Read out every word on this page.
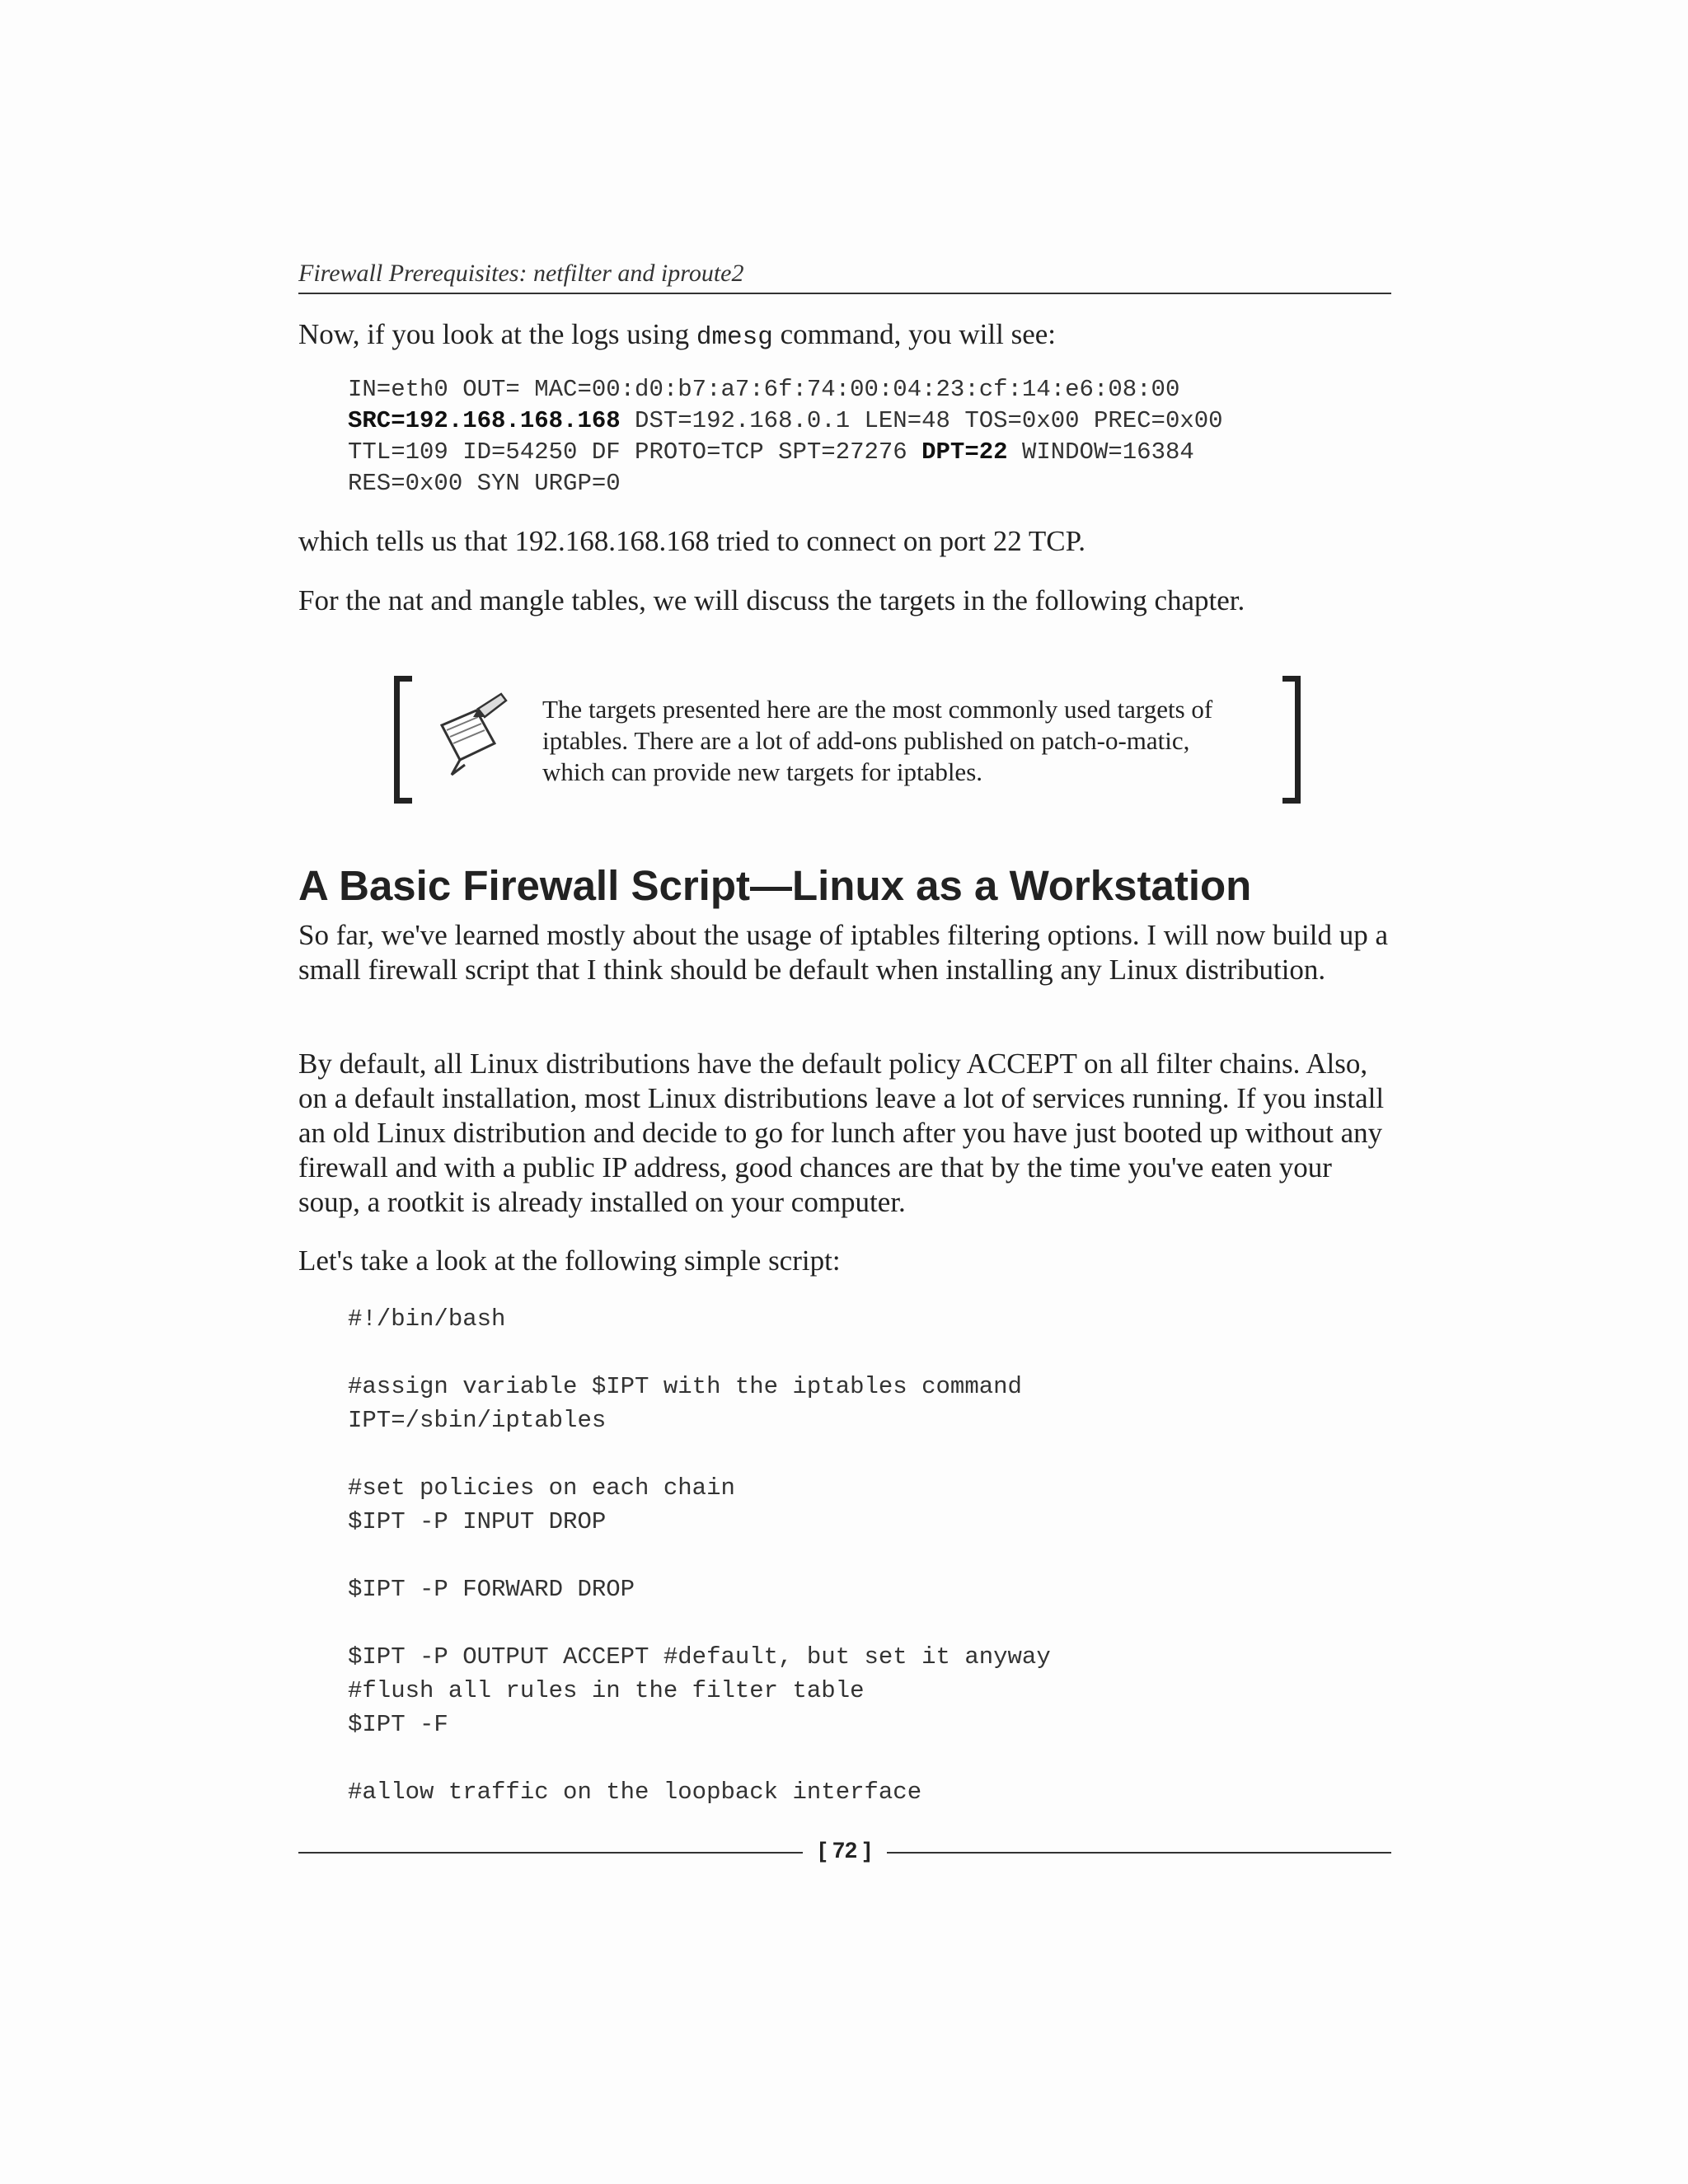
Firewall Prerequisites: netfilter and iproute2

Now, if you look at the logs using dmesg command, you will see:

IN=eth0 OUT= MAC=00:d0:b7:a7:6f:74:00:04:23:cf:14:e6:08:00
SRC=192.168.168.168 DST=192.168.0.1 LEN=48 TOS=0x00 PREC=0x00
TTL=109 ID=54250 DF PROTO=TCP SPT=27276 DPT=22 WINDOW=16384
RES=0x00 SYN URGP=0

which tells us that 192.168.168.168 tried to connect on port 22 TCP.

For the nat and mangle tables, we will discuss the targets in the following chapter.

The targets presented here are the most commonly used targets of iptables. There are a lot of add-ons published on patch-o-matic, which can provide new targets for iptables.

A Basic Firewall Script—Linux as a Workstation

So far, we've learned mostly about the usage of iptables filtering options. I will now build up a small firewall script that I think should be default when installing any Linux distribution.

By default, all Linux distributions have the default policy ACCEPT on all filter chains. Also, on a default installation, most Linux distributions leave a lot of services running. If you install an old Linux distribution and decide to go for lunch after you have just booted up without any firewall and with a public IP address, good chances are that by the time you've eaten your soup, a rootkit is already installed on your computer.

Let's take a look at the following simple script:

#!/bin/bash
#assign variable $IPT with the iptables command
IPT=/sbin/iptables
#set policies on each chain
$IPT -P INPUT DROP
$IPT -P FORWARD DROP
$IPT -P OUTPUT ACCEPT #default, but set it anyway
#flush all rules in the filter table
$IPT -F
#allow traffic on the loopback interface
[ 72 ]
